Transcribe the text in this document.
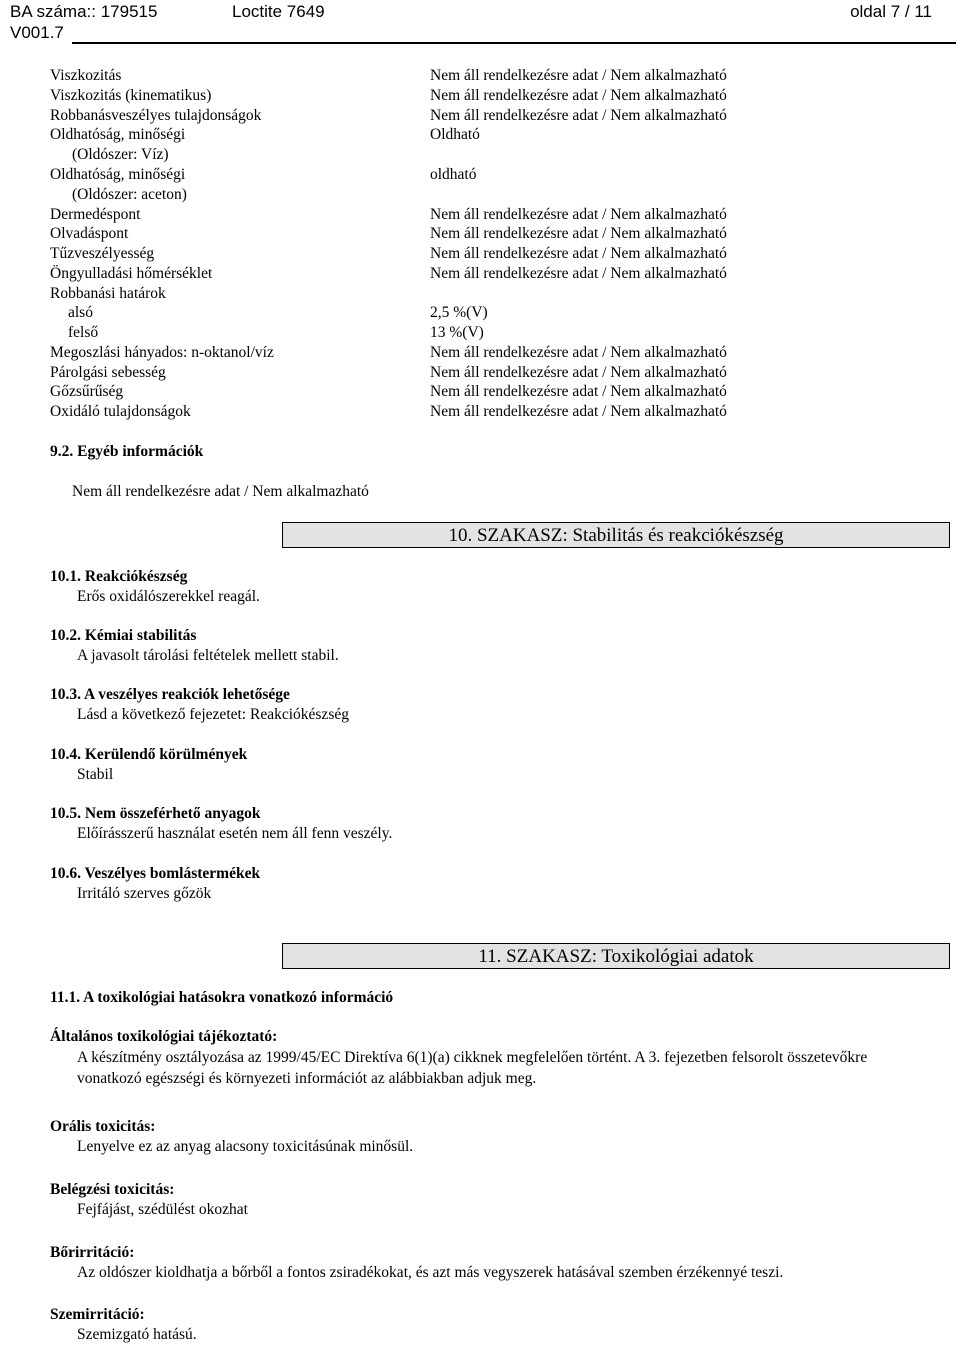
BA száma:: 179515	Loctite 7649	oldal 7 / 11
V001.7
Viszkozitás	Nem áll rendelkezésre adat / Nem alkalmazható
Viszkozitás (kinematikus)	Nem áll rendelkezésre adat / Nem alkalmazható
Robbanásveszélyes tulajdonságok	Nem áll rendelkezésre adat / Nem alkalmazható
Oldhatóság, minőségi	Oldható
(Oldószer: Víz)
Oldhatóság, minőségi	oldható
(Oldószer: aceton)
Dermedéspont	Nem áll rendelkezésre adat / Nem alkalmazható
Olvadáspont	Nem áll rendelkezésre adat / Nem alkalmazható
Tűzveszélyesség	Nem áll rendelkezésre adat / Nem alkalmazható
Öngyulladási hőmérséklet	Nem áll rendelkezésre adat / Nem alkalmazható
Robbanási határok
alsó	2,5 %(V)
felső	13 %(V)
Megoszlási hányados: n-oktanol/víz	Nem áll rendelkezésre adat / Nem alkalmazható
Párolgási sebesség	Nem áll rendelkezésre adat / Nem alkalmazható
Gőzsűrűség	Nem áll rendelkezésre adat / Nem alkalmazható
Oxidáló tulajdonságok	Nem áll rendelkezésre adat / Nem alkalmazható
9.2. Egyéb információk
Nem áll rendelkezésre adat / Nem alkalmazható
10. SZAKASZ: Stabilitás és reakciókészség
10.1. Reakciókészség
Erős oxidálószerekkel reagál.
10.2. Kémiai stabilitás
A javasolt tárolási feltételek mellett stabil.
10.3. A veszélyes reakciók lehetősége
Lásd a következő fejezetet: Reakciókészség
10.4. Kerülendő körülmények
Stabil
10.5. Nem összeférhető anyagok
Előírásszerű használat esetén nem áll fenn veszély.
10.6. Veszélyes bomlástermékek
Irritáló szerves gőzök
11. SZAKASZ: Toxikológiai adatok
11.1. A toxikológiai hatásokra vonatkozó információ
Általános toxikológiai tájékoztató:
A készítmény osztályozása az 1999/45/EC Direktíva 6(1)(a) cikknek megfelelően történt. A 3. fejezetben felsorolt összetevőkre vonatkozó egészségi és környezeti információt az alábbiakban adjuk meg.
Orális toxicitás:
Lenyelve ez az anyag alacsony toxicitásúnak minősül.
Belégzési toxicitás:
Fejfájást, szédülést okozhat
Bőrirritáció:
Az oldószer kioldhatja a bőrből a fontos zsiradékokat, és azt más vegyszerek hatásával szemben érzékennyé teszi.
Szemirritáció:
Szemizgató hatású.
